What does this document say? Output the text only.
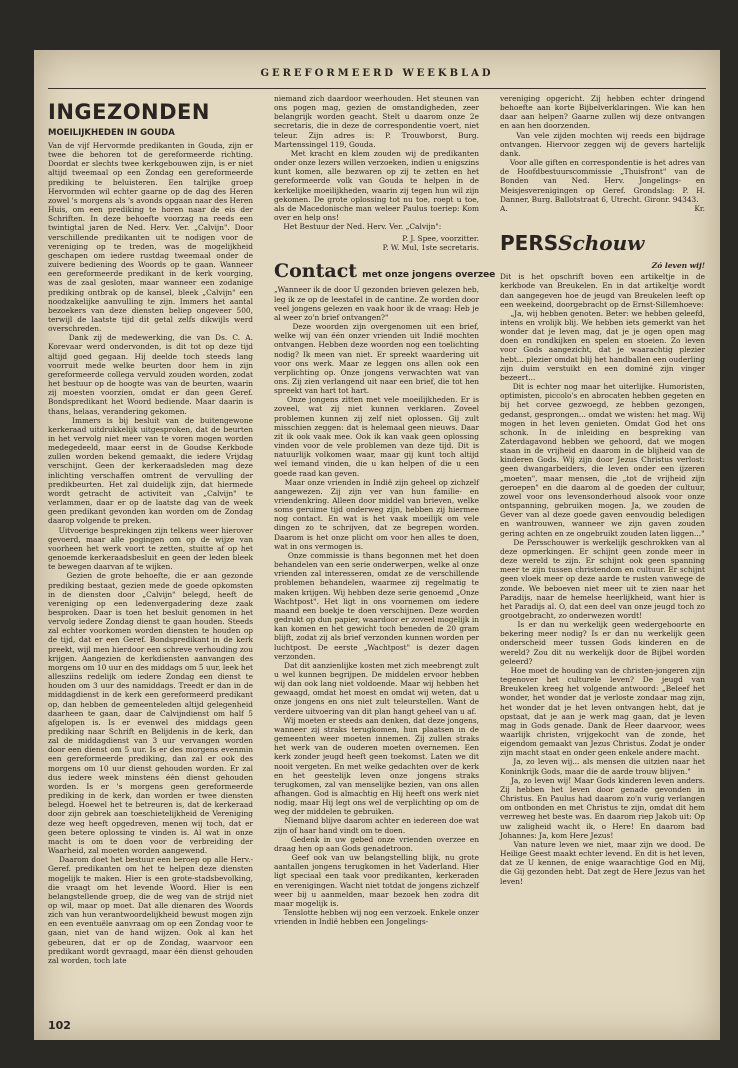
GEREFORMEERD WEEKBLAD
INGEZONDEN
MOEILIJKHEDEN IN GOUDA

Van de vijf Hervormde predikanten in Gouda, zijn er twee die behoren tot de gereformeerde richting. Doordat er slechts twee kerkgebouwen zijn, is er niet altijd tweemaal op een Zondag een gereformeerde prediking te beluisteren. Een talrijke groep Hervormden wil echter gaarne op de dag des Heren zowel 's morgens als 's avonds opgaan naar des Heren Huis, om een prediking te horen naar de eis der Schriften. In deze behoefte voorzag na reeds een twintigtal jaren de Ned. Herv. Ver. „Calvijn". Door verschillende predikanten uit te nodigen voor de vereniging op te treden, was de mogelijkheid geschapen om iedere rustdag tweemaal onder de zuivere bediening des Woords op te gaan. Wanneer een gereformeerde predikant in de kerk voorging, was de zaal gesloten, maar wanneer een zodanige prediking ontbrak op de kansel, bleek „Calvijn" een noodzakelijke aanvulling te zijn. Immers het aantal bezoekers van deze diensten beliep ongeveer 500, terwijl de laatste tijd dit getal zelfs dikwijls werd overschreden.
Dank zij de medewerking, die van Ds. C. A. Korevaar werd ondervonden, is dit tot op deze tijd altijd goed gegaan. Hij deelde toch steeds lang voorruit mede welke beurten door hem in zijn gereformeerde collega vervuld zouden worden, zodat het bestuur op de hoogte was van de beurten, waarin zij moesten voorzien, omdat er dan geen Geref. Bondspredikant het Woord bediende. Maar daarin is thans, helaas, verandering gekomen.
Immers is bij besluit van de buitengewone kerkeraad uitdrukkelijk uitgesproken, dat de beurten in het vervolg niet meer van te voren mogen worden medegedeeld, maar eerst in de Goudse Kerkbode zullen worden bekend gemaakt, die iedere Vrijdag verschijnt. Geen der kerkeraadsleden mag deze inlichting verschaffen omtrent de vervulling der predikbeurten. Het zal duidelijk zijn, dat hiermede wordt getracht de activiteit van „Calvijn" te verlammen, daar er op de laatste dag van de week geen predikant gevonden kan worden om de Zondag daarop volgende te preken.
Uitvoerige besprekingen zijn telkens weer hierover gevoerd, maar alle pogingen om op de wijze van voorheen het werk voort te zetten, stuitte af op het genoemde kerkeraadsbesluit en geen der leden bleek te bewegen daarvan af te wijken.
Gezien de grote behoefte, die er aan gezonde prediking bestaat, gezien mede de goede opkomsten in de diensten door „Calvijn" belegd, heeft de vereniging op een ledenvergadering deze zaak besproken. Daar is toen het besluit genomen in het vervolg iedere Zondag dienst te gaan houden. Steeds zal echter voorkomen worden diensten te houden op de tijd, dat er een Geref. Bondspredikant in de kerk preekt, wijl men hierdoor een schreve verhouding zou krijgen. Aangezien de kerkdiensten aanvangen des morgens om 10 uur en des middags om 5 uur, leek het allesziins redelijk om iedere Zondag een dienst te houden om 3 uur des namiddags. Treedt er dan in de middagdienst in de kerk een gereformeerd predikant op, dan hebben de gemeenteleden altijd gelegenheid daarheen te gaan, daar de Calvijndienst om half 5 afgelopen is. Is er evenwel des middags geen prediking naar Schrift en Belijdenis in de kerk, dan zal de middagdienst van 3 uur vervangen worden door een dienst om 5 uur. Is er des morgens evenmin een gereformeerde prediking, dan zal er ook des morgens om 10 uur dienst gehouden worden. Er zal dus iedere week minstens één dienst gehouden worden. Is er 's morgens geen gereformeerde prediking in de kerk, dan worden er twee diensten belegd. Hoewel het te betreuren is, dat de kerkeraad door zijn gebrek aan toeschietelijkheid de Vereniging deze weg heeft opgedreven, menen wij toch, dat er geen betere oplossing te vinden is. Al wat in onze macht is om te doen voor de verbreiding der Waarheid, zal moeten worden aangewend.
Daarom doet het bestuur een beroep op alle Herv.-Geref. predikanten om het te helpen deze diensten mogelijk te maken. Hier is een grote-stadsbevolking, die vraagt om het levende Woord. Hier is een belangstellende groep, die de weg van de strijd niet op wil, maar op moet. Dat alle dienaren des Woords zich van hun verantwoordelijkheid bewust mogen zijn en een eventuële aanvraag om op een Zondag voor te gaan, niet van de hand wijzen. Ook al kan het gebeuren, dat er op de Zondag, waarvoor een predikant wordt gevraagd, maar één dienst gehouden zal worden, toch late

niemand zich daardoor weerhouden. Het steunen van ons pogen mag, gezien de omstandigheden, zeer belangrijk worden geacht. Stelt u daarom onze 2e secretaris, die in deze de correspondentie voert, niet teleur. Zijn adres is: P. Trouwborst, Burg. Martenssingel 119, Gouda.
Met kracht en klem zouden wij de predikanten onder onze lezers willen verzoeken, indien u enigszins kunt komen, alle bezwaren op zij te zetten en het gereformeerde volk van Gouda te helpen in de kerkelijke moeilijkheden, waarin zij tegen hun wil zijn gekomen. De grote oplossing tot nu toe, roept u toe, als de Macedonische man weleer Paulus toeriep: Kom over en help ons!
Het Bestuur der Ned. Herv. Ver. „Calvijn":

P. J. Spee, voorzitter.
P. W. Mul, 1ste secretaris.

Contact met onze jongens overzee

„Wanneer ik de door U gezonden brieven gelezen heb, leg ik ze op de leestafel in de cantine. Ze worden door veel jongens gelezen en vaak hoor ik de vraag: Heb je al weer zo'n brief ontvangen?"
Deze woorden zijn overgenomen uit een brief, welke wij van één onzer vrienden uit Indië mochten ontvangen. Hebben deze woorden nog een toelichting nodig? Ik meen van niet. Er spreekt waardering uit voor ons werk. Maar ze leggen ons allen ook een verplichting op. Onze jongens verwachten wat van ons. Zij zien verlangend uit naar een brief, die tot hen spreekt van hart tot hart.
Onze jongens zitten met vele moeilijkheden. Er is zoveel, wat zij niet kunnen verklaren. Zoveel problemen kunnen zij zelf niet oplossen. Gij zult misschien zeggen: dat is helemaal geen nieuws. Daar zit ik ook vaak mee. Ook ik kan vaak geen oplossing vinden voor de vele problemen van deze tijd. Dit is natuurlijk volkomen waar, maar gij kunt toch altijd wel iemand vinden, die u kan helpen of die u een goede raad kan geven.
Maar onze vrienden in Indië zijn geheel op zichzelf aangewezen. Zij zijn ver van hun familie- en vriendenkring. Alleen door middel van brieven, welke soms geruime tijd onderweg zijn, hebben zij hiermee nog contact. En wat is het vaak moeilijk om vele dingen zo te schrijven, dat ze begrepen worden. Daarom is het onze plicht om voor hen alles te doen, wat in ons vermogen is.
Onze commissie is thans begonnen met het doen behandelen van een serie onderwerpen, welke al onze vrienden zal interesseren, omdat ze de verschillende problemen behandelen, waarmee zij regelmatig te maken krijgen. Wij hebben deze serie genoemd „Onze Wachtpost". Het ligt in ons voornemen om iedere maand een boekje te doen verschijnen. Deze worden gedrukt op dun papier, waardoor er zoveel mogelijk in kan komen en het gewicht toch beneden de 20 gram blijft, zodat zij als brief verzonden kunnen worden per luchtpost. De eerste „Wachtpost" is dezer dagen verzonden.
Dat dit aanzienlijke kosten met zich meebrengt zult u wel kunnen begrijpen. De middelen ervoor hebben wij dan ook lang niet voldoende. Maar wij hebben het gewaagd, omdat het moest en omdat wij weten, dat u onze jongens en ons niet zult teleurstellen. Want de verdere uitvoering van dit plan hangt geheel van u af.
Wij moeten er steeds aan denken, dat deze jongens, wanneer zij straks terugkomen, hun plaatsen in de gemeenten weer moeten innemen. Zij zullen straks het werk van de ouderen moeten overnemen. Een kerk zonder jeugd heeft geen toekomst. Laten we dit nooit vergeten. En met welke gedachten over de kerk en het geestelijk leven onze jongens straks terugkomen, zal van menselijke bezien, van ons allen afhangen. God is almachtig en Hij heeft ons werk niet nodig, maar Hij legt ons wel de verplichting op om de weg der middelen te gebruiken.
Niemand blijve daarom achter en iedereen doe wat zijn of haar hand vindt om te doen.
Gedenk in uw gebed onze vrienden overzee en draag hen op aan Gods genadetroon.
Geef ook van uw belangstelling blijk, nu grote aantallen jongens terugkomen in het Vaderland. Hier ligt speciaal een taak voor predikanten, kerkeraden en verenigingen. Wacht niet totdat de jongens zichzelf weer bij u aanmelden, maar bezoek hen zodra dit maar mogelijk is.
Tenslotte hebben wij nog een verzoek. Enkele onzer vrienden in Indië hebben een Jongelings-

vereniging opgericht. Zij hebben echter dringend behoefte aan korte Bijbelverklaringen. Wie kan hen daar aan helpen? Gaarne zullen wij deze ontvangen en aan hen doorzenden.
Van vele zijden mochten wij reeds een bijdrage ontvangen. Hiervoor zeggen wij de gevers hartelijk dank.
Voor alle giften en correspondentie is het adres van de Hoofdbestuurscommissie „Thuisfront" van de Bonden van Ned. Herv. Jongelings- en Meisjesverenigingen op Geref. Grondslag: P. H. Danner, Burg. Ballotstraat 6, Utrecht. Gironr. 94343.

A.	Kr.
PERSSchouw
Zó leven wij!

Dit is het opschrift boven een artikeltje in de kerkbode van Breukelen. En in dat artikeltje wordt dan aangegeven hoe de jeugd van Breukelen leeft op een weekeind, doorgebracht op de Ernst-Sillemhoeve:
„Ja, wij hebben genoten. Beter: we hebben geleefd, intens en vrolijk blij. We hebben iets gemerkt van het wonder dat je leven mag, dat je je ogen open mag doen en rondkijken en spelen en stoeien. Zo leven voor Gods aangezicht, dat je waarachtig plezier hebt... plezier omdat blij het handballen een ouderling zijn duim verstuikt en een dominé zijn vinger bezeert...
Dit is echter nog maar het uiterlijke. Humoristen, optimisten, piccolo's en abrocaten hebben gegeten en bij het corvee gezwoegd, ze hebben gezongen, gedanst, gesprongen... omdat we wisten: het mag. Wij mogen in het leven genieten. Omdat God het ons schonk. In de inleiding en bespreking van Zaterdagavond hebben we gehoord, dat we mogen staan in de vrijheid en daarom in de blijheid van de kinderen Gods. Wij zijn door Jezus Christus verlost: geen dwangarbeiders, die leven onder een ijzeren „moeten", maar mensen, die „tot de vrijheid zijn geroepen" en die daarom al de goeden der cultuur, zowel voor ons levensonderhoud alsook voor onze ontspanning, gebruiken mogen. Ja, we zouden de Gever van al deze goede gaven eenvoudig beledigen en wantrouwen, wanneer we zijn gaven zouden gering achten en ze ongebruikt zouden laten liggen..."
De Persschouwer is werkelijk geschrokken van al deze opmerkingen. Er schijnt geen zonde meer in deze wereld te zijn. Er schijnt ook geen spanning meer te zijn tussen christendom en cultuur. Er schijnt geen vloek meer op deze aarde te rusten vanwege de zonde. We beboeven niet meer uit te zien naar het Paradijs, naar de hemelse heerlijkheid, want hier is het Paradijs al. O, dat een deel van onze jeugd toch zo grootgebracht, zo onderwezen wordt!
Is er dan nu werkelijk geen wedergeboorte en bekering meer nodig? Is er dan nu werkelijk geen onderscheid meer tussen Gods kinderen en de wereld? Zou dit nu werkelijk door de Bijbel worden geleerd?
Hoe moet de houding van de christen-jongeren zijn tegenover het culturele leven? De jeugd van Breukelen kreeg het volgende antwoord: „Beleef het wonder, het wonder dat je verloste zondaar mag zijn, het wonder dat je het leven ontvangen hebt, dat je opstaat, dat je aan je werk mag gaan, dat je leven mag in Gods genade. Dank de Heer daarvoor, wees waarlijk christen, vrijgekocht van de zonde, het eigendom gemaakt van Jezus Christus. Zodat je onder zijn macht staat en onder geen enkele andere macht.
Ja, zo leven wij... als mensen die uitzien naar het Koninkrijk Gods, maar die de aarde trouw blijven."
Ja, zo leven wij! Maar Gods kinderen leven anders. Zij hebben het leven door genade gevonden in Christus. En Paulus had daarom zo'n vurig verlangen om ontbonden en met Christus te zijn, omdat dit hem verreweg het beste was. En daarom riep Jakob uit: Op uw zaligheid wacht ik, o Here! En daarom bad Johannes: Ja, kom Here Jezus!
Van nature leven we niet, maar zijn we dood. De Heilige Geest maakt echter levend. En dit is het leven, dat ze U kennen, de enige waarachtige God en Mij, die Gij gezonden hebt. Dat zegt de Here Jezus van het leven!

102
